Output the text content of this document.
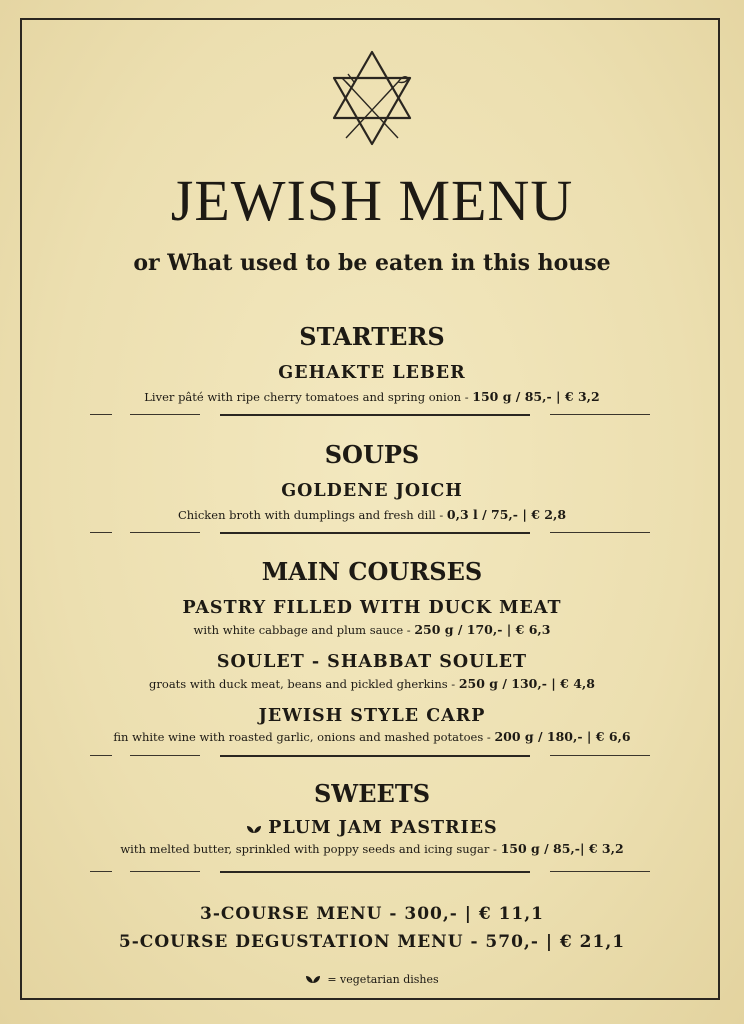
JEWISH MENU
or What used to be eaten in this house
STARTERS
GEHAKTE LEBER
Liver pâté with ripe cherry tomatoes and spring onion - 150 g / 85,- | € 3,2
SOUPS
GOLDENE JOICH
Chicken broth with dumplings and fresh dill - 0,3 l / 75,- | € 2,8
MAIN COURSES
PASTRY FILLED WITH DUCK MEAT
with white cabbage and plum sauce - 250 g / 170,- | € 6,3
SOULET - SHABBAT SOULET
groats with duck meat, beans and pickled gherkins - 250 g / 130,- | € 4,8
JEWISH STYLE CARP
fin white wine with roasted garlic, onions and mashed potatoes - 200 g / 180,- | € 6,6
SWEETS
PLUM JAM PASTRIES
with melted butter, sprinkled with poppy seeds and icing sugar - 150 g / 85,-| € 3,2
3-COURSE MENU - 300,- | € 11,1
5-COURSE DEGUSTATION MENU - 570,- | € 21,1
= vegetarian dishes
